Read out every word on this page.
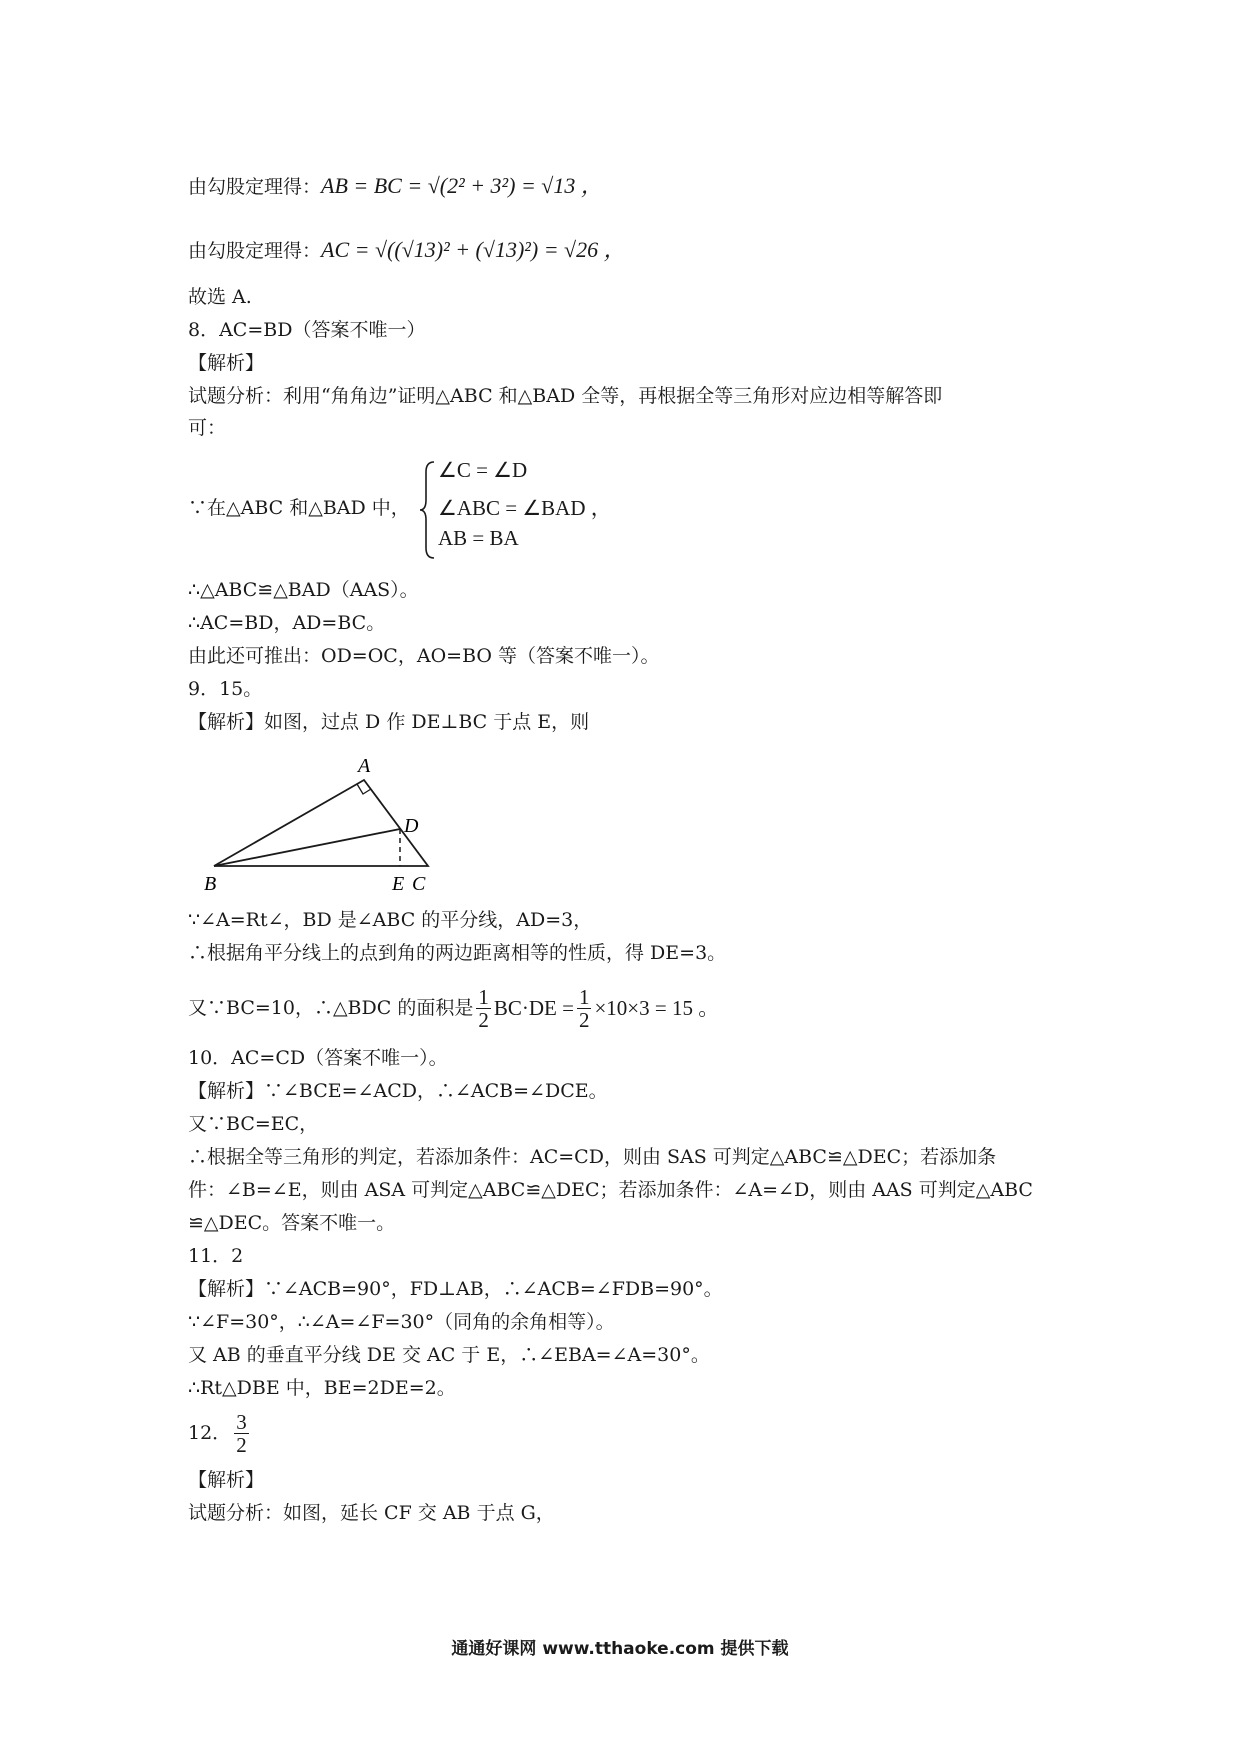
由勾股定理得：AB = BC = √(2² + 3²) = √13 ，
由勾股定理得：AC = √((√13)² + (√13)²) = √26 ，
故选 A.
8．AC=BD（答案不唯一）
【解析】
试题分析：利用“角角边”证明△ABC 和△BAD 全等，再根据全等三角形对应边相等解答即
可：
∵在△ABC 和△BAD 中，
∠C = ∠D
∠ABC = ∠BAD ，
AB = BA
∴△ABC≌△BAD（AAS）。
∴AC=BD，AD=BC。
由此还可推出：OD=OC，AO=BO 等（答案不唯一）。
9．15。
【解析】如图，过点 D 作 DE⊥BC 于点 E，则
A
B	C
D
E
∵∠A=Rt∠，BD 是∠ABC 的平分线，AD=3，
∴根据角平分线上的点到角的两边距离相等的性质，得 DE=3。
又∵BC=10，∴△BDC 的面积是 $\frac{1}{2} BC\cdot DE = \frac{1}{2} \times 10\times 3 = 15$ 。
10．AC=CD（答案不唯一）。
【解析】∵∠BCE=∠ACD，∴∠ACB=∠DCE。
又∵BC=EC，
∴根据全等三角形的判定，若添加条件：AC=CD，则由 SAS 可判定△ABC≌△DEC；若添加条
件：∠B=∠E，则由 ASA 可判定△ABC≌△DEC；若添加条件：∠A=∠D，则由 AAS 可判定△ABC
≌△DEC。答案不唯一。
11．2
【解析】∵∠ACB=90°，FD⊥AB，∴∠ACB=∠FDB=90°。
∵∠F=30°，∴∠A=∠F=30°（同角的余角相等）。
又 AB 的垂直平分线 DE 交 AC 于 E，∴∠EBA=∠A=30°。
∴Rt△DBE 中，BE=2DE=2。
12． $\frac{3}{2}$
【解析】
试题分析：如图，延长 CF 交 AB 于点 G，
通通好课网 www.tthaoke.com 提供下载
